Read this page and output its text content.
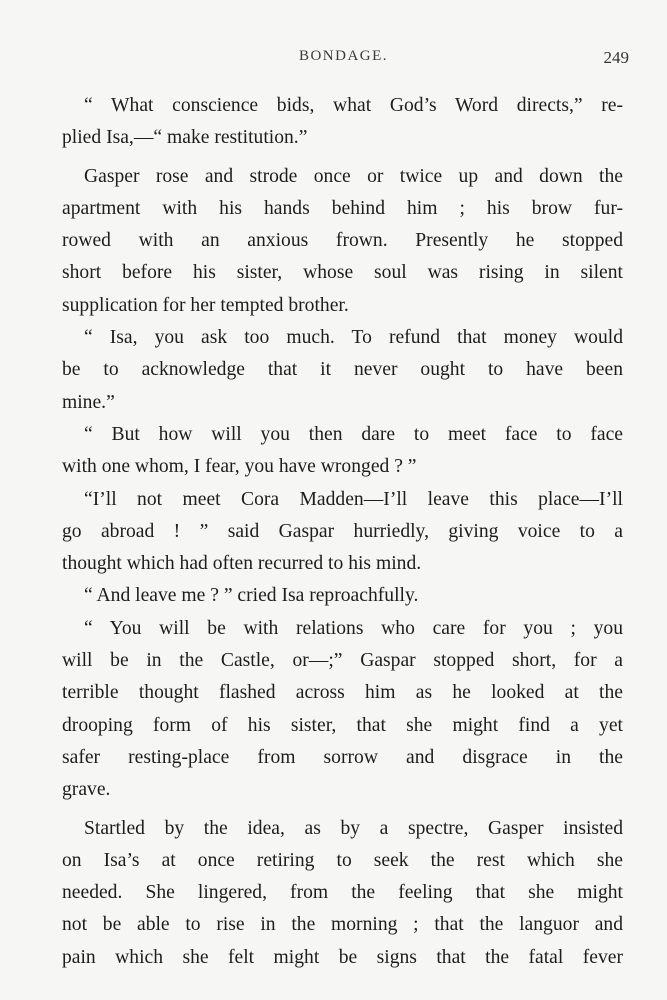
BONDAGE.	249
“ What conscience bids, what God’s Word directs,” re-
plied Isa,—“ make restitution.”
Gasper rose and strode once or twice up and down the
apartment with his hands behind him ; his brow fur-
rowed with an anxious frown. Presently he stopped
short before his sister, whose soul was rising in silent
supplication for her tempted brother.
“ Isa, you ask too much. To refund that money would
be to acknowledge that it never ought to have been
mine.”
“ But how will you then dare to meet face to face
with one whom, I fear, you have wronged ? ”
“I’ll not meet Cora Madden—I’ll leave this place—I’ll
go abroad ! ” said Gaspar hurriedly, giving voice to a
thought which had often recurred to his mind.
“ And leave me ? ” cried Isa reproachfully.
“ You will be with relations who care for you ; you
will be in the Castle, or—;” Gaspar stopped short, for a
terrible thought flashed across him as he looked at the
drooping form of his sister, that she might find a yet
safer resting-place from sorrow and disgrace in the
grave.
Startled by the idea, as by a spectre, Gasper insisted
on Isa’s at once retiring to seek the rest which she
needed. She lingered, from the feeling that she might
not be able to rise in the morning ; that the languor and
pain which she felt might be signs that the fatal fever
